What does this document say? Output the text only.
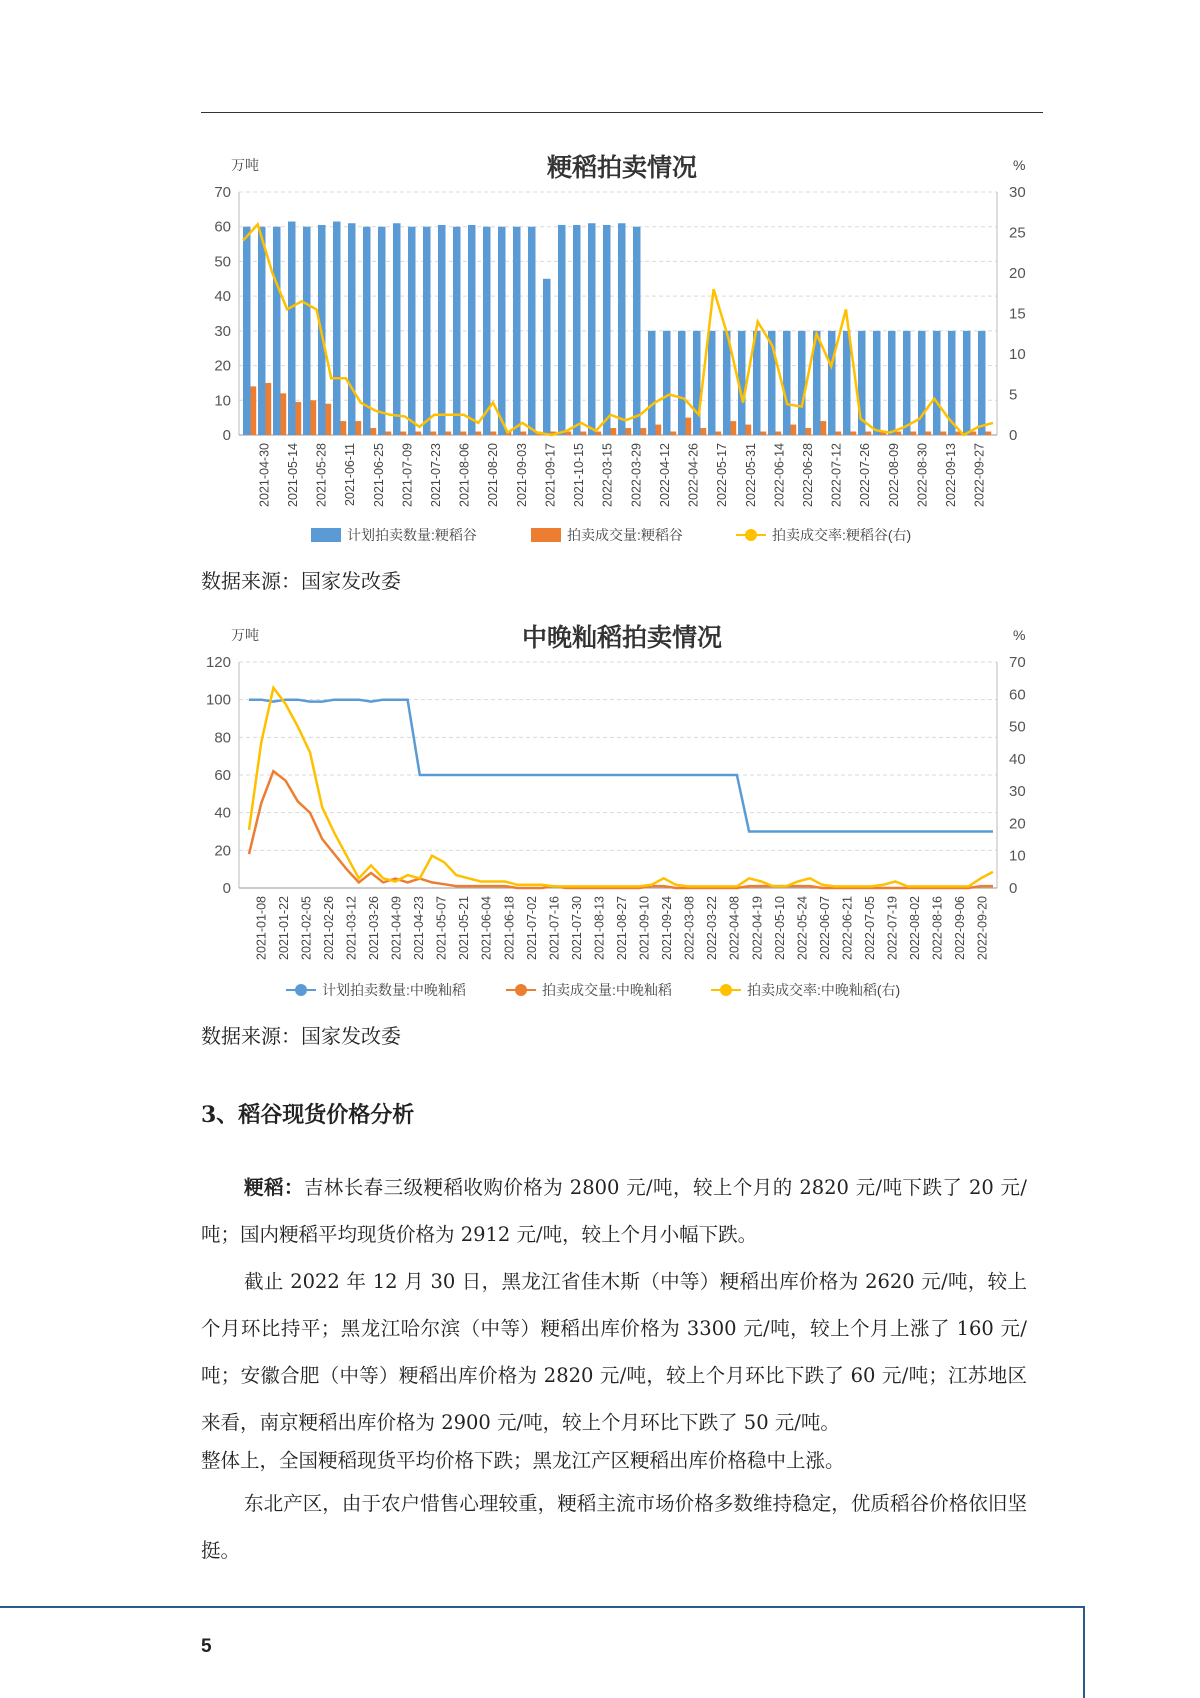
粳稻拍卖情况
万吨	%
0
10
20
30
40
50
60
70
0
5
10
15
20
25
30
2021-04-30 2021-05-14 2021-05-28 2021-06-11 2021-06-25 2021-07-09 2021-07-23 2021-08-06 2021-08-20 2021-09-03 2021-09-17 2021-10-15 2022-03-15 2022-03-29 2022-04-12 2022-04-26 2022-05-17 2022-05-31 2022-06-14 2022-06-28 2022-07-12 2022-07-26 2022-08-09 2022-08-30 2022-09-13 2022-09-27
计划拍卖数量:粳稻谷	拍卖成交量:粳稻谷	拍卖成交率:粳稻谷(右)
数据来源：国家发改委
中晚籼稻拍卖情况
万吨	%
0
20
40
60
80
100
120
0
10
20
30
40
50
60
70
2021-01-08 2021-01-22 2021-02-05 2021-02-26 2021-03-12 2021-03-26 2021-04-09 2021-04-23 2021-05-07 2021-05-21 2021-06-04 2021-06-18 2021-07-02 2021-07-16 2021-07-30 2021-08-13 2021-08-27 2021-09-10 2021-09-24 2022-03-08 2022-03-22 2022-04-08 2022-04-19 2022-05-10 2022-05-24 2022-06-07 2022-06-21 2022-07-05 2022-07-19 2022-08-02 2022-08-16 2022-09-06 2022-09-20
计划拍卖数量:中晚籼稻	拍卖成交量:中晚籼稻	拍卖成交率:中晚籼稻(右)
数据来源：国家发改委
3、稻谷现货价格分析
粳稻：吉林长春三级粳稻收购价格为 2800 元/吨，较上个月的 2820 元/吨下跌了 20 元/吨；国内粳稻平均现货价格为 2912 元/吨，较上个月小幅下跌。
截止 2022 年 12 月 30 日，黑龙江省佳木斯（中等）粳稻出库价格为 2620 元/吨，较上个月环比持平；黑龙江哈尔滨（中等）粳稻出库价格为 3300 元/吨，较上个月上涨了 160 元/吨；安徽合肥（中等）粳稻出库价格为 2820 元/吨，较上个月环比下跌了 60 元/吨；江苏地区来看，南京粳稻出库价格为 2900 元/吨，较上个月环比下跌了 50 元/吨。
整体上，全国粳稻现货平均价格下跌；黑龙江产区粳稻出库价格稳中上涨。
东北产区，由于农户惜售心理较重，粳稻主流市场价格多数维持稳定，优质稻谷价格依旧坚挺。
5
